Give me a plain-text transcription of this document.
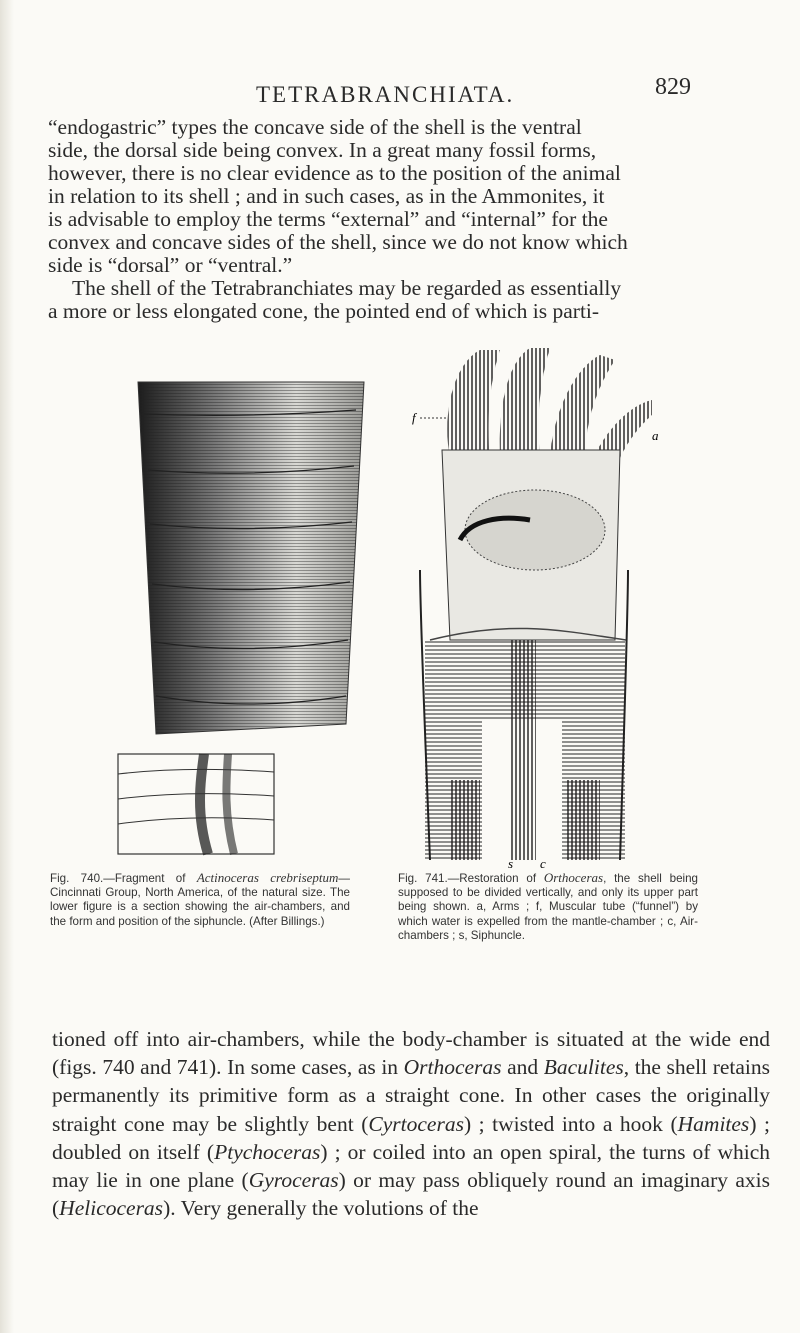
TETRABRANCHIATA.	829

“endogastric” types the concave side of the shell is the ventral

side, the dorsal side being convex. In a great many fossil forms,

however, there is no clear evidence as to the position of the animal

in relation to its shell ; and in such cases, as in the Ammonites, it

is advisable to employ the terms “external” and “internal” for the

convex and concave sides of the shell, since we do not know which

side is “dorsal” or “ventral.”

The shell of the Tetrabranchiates may be regarded as essentially

a more or less elongated cone, the pointed end of which is parti-

f
a
s c
Fig. 740.—Fragment of Actinoceras crebriseptum—Cincinnati Group, North America, of the natural size. The lower figure is a section showing the air-chambers, and the form and position of the siphuncle. (After Billings.)
Fig. 741.—Restoration of Orthoceras, the shell being supposed to be divided vertically, and only its upper part being shown. a, Arms ; f, Muscular tube (“funnel”) by which water is expelled from the mantle-chamber ; c, Air-chambers ; s, Siphuncle.

tioned off into air-chambers, while the body-chamber is situated at the wide end (figs. 740 and 741). In some cases, as in Orthoceras and Baculites, the shell retains permanently its primitive form as a straight cone. In other cases the originally straight cone may be slightly bent (Cyrtoceras) ; twisted into a hook (Hamites) ; doubled on itself (Ptychoceras) ; or coiled into an open spiral, the turns of which may lie in one plane (Gyroceras) or may pass obliquely round an imaginary axis (Helicoceras). Very generally the volutions of the
